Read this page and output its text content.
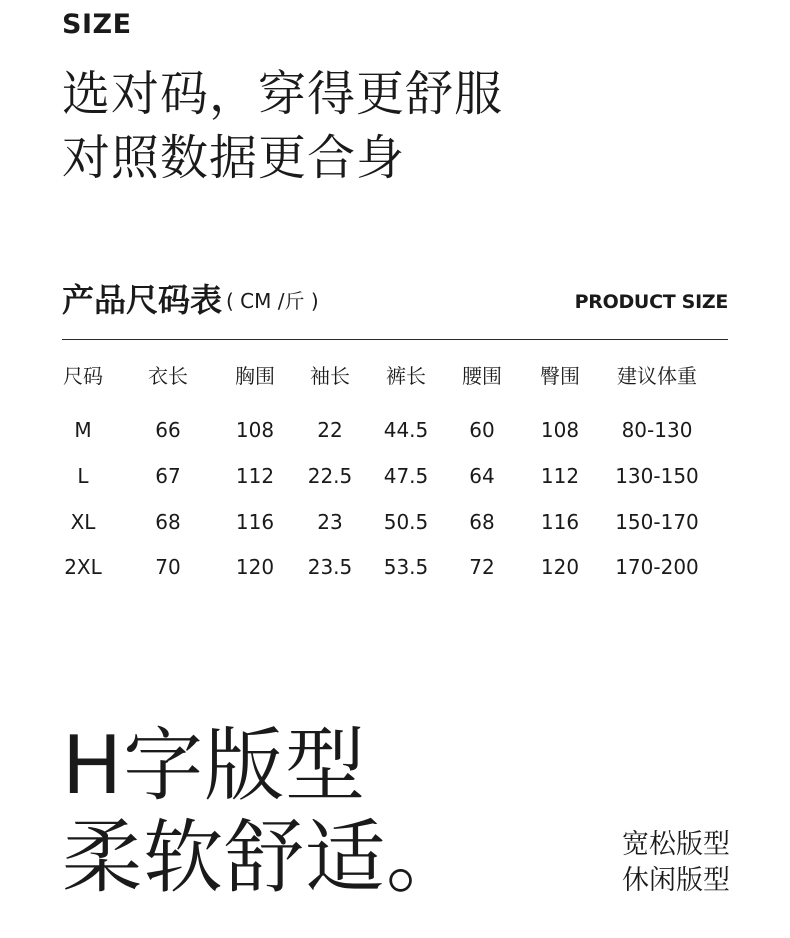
SIZE
选对码，穿得更舒服
对照数据更合身
产品尺码表 ( CM /斤 )	PRODUCT SIZE
尺码 衣长 胸围 袖长 裤长 腰围 臀围 建议体重
M	66	108 22 44.5 60 108 80-130
L	67	112 22.5 47.5 64 112 130-150
XL	68	116 23 50.5 68 116 150-170
2XL	70	120 23.5 53.5 72 120 170-200
H字版型
柔软舒适。	宽松版型
休闲版型
